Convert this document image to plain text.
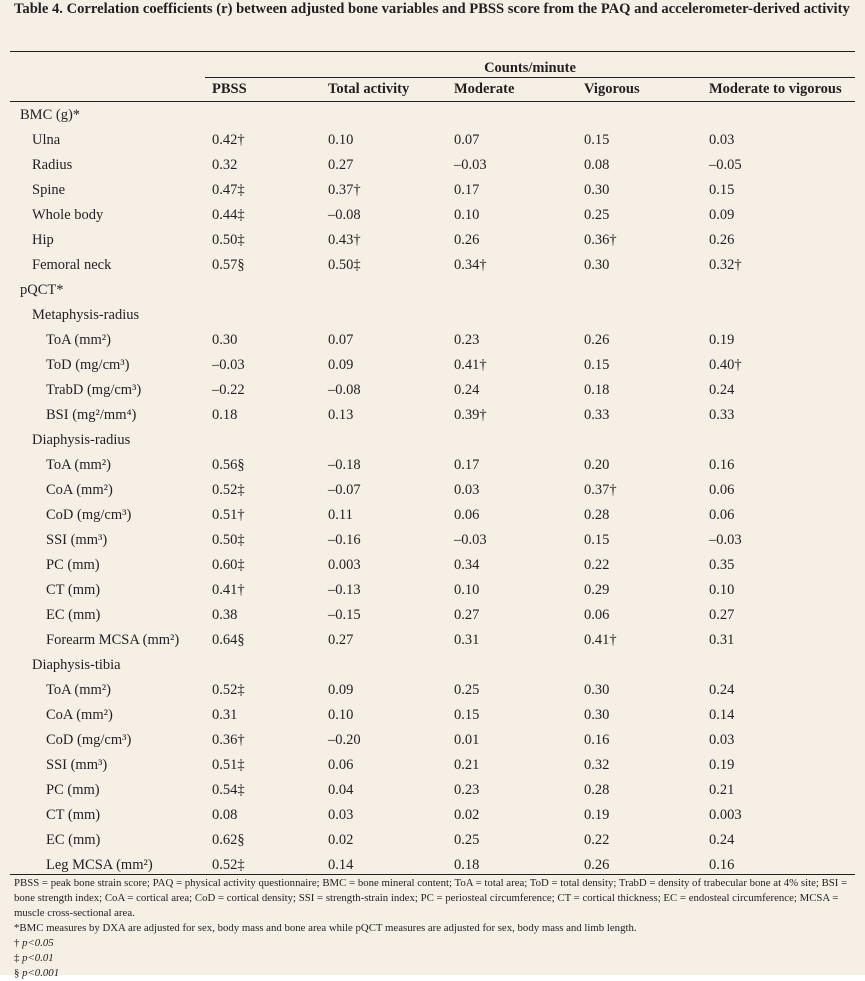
Table 4. Correlation coefficients (r) between adjusted bone variables and PBSS score from the PAQ and accelerometer-derived activity
Counts/minute
PBSS	Total activity	Moderate	Vigorous	Moderate to vigorous
BMC (g)*
Ulna	0.42†	0.10	0.07	0.15	0.03
Radius	0.32	0.27	–0.03	0.08	–0.05
Spine	0.47‡	0.37†	0.17	0.30	0.15
Whole body	0.44‡	–0.08	0.10	0.25	0.09
Hip	0.50‡	0.43†	0.26	0.36†	0.26
Femoral neck	0.57§	0.50‡	0.34†	0.30	0.32†
pQCT*
Metaphysis-radius
ToA (mm²)	0.30	0.07	0.23	0.26	0.19
ToD (mg/cm³)	–0.03	0.09	0.41†	0.15	0.40†
TrabD (mg/cm³)	–0.22	–0.08	0.24	0.18	0.24
BSI (mg²/mm⁴)	0.18	0.13	0.39†	0.33	0.33
Diaphysis-radius
ToA (mm²)	0.56§	–0.18	0.17	0.20	0.16
CoA (mm²)	0.52‡	–0.07	0.03	0.37†	0.06
CoD (mg/cm³)	0.51†	0.11	0.06	0.28	0.06
SSI (mm³)	0.50‡	–0.16	–0.03	0.15	–0.03
PC (mm)	0.60‡	0.003	0.34	0.22	0.35
CT (mm)	0.41†	–0.13	0.10	0.29	0.10
EC (mm)	0.38	–0.15	0.27	0.06	0.27
Forearm MCSA (mm²) 0.64§	0.27	0.31	0.41†	0.31
Diaphysis-tibia
ToA (mm²)	0.52‡	0.09	0.25	0.30	0.24
CoA (mm²)	0.31	0.10	0.15	0.30	0.14
CoD (mg/cm³)	0.36†	–0.20	0.01	0.16	0.03
SSI (mm³)	0.51‡	0.06	0.21	0.32	0.19
PC (mm)	0.54‡	0.04	0.23	0.28	0.21
CT (mm)	0.08	0.03	0.02	0.19	0.003
EC (mm)	0.62§	0.02	0.25	0.22	0.24
Leg MCSA (mm²)	0.52‡	0.14	0.18	0.26	0.16

PBSS = peak bone strain score; PAQ = physical activity questionnaire; BMC = bone mineral content; ToA = total area; ToD = total density; TrabD = density of trabecular bone at 4% site; BSI = bone strength index; CoA = cortical area; CoD = cortical density; SSI = strength-strain index; PC = periosteal circumference; CT = cortical thickness; EC = endosteal circumference; MCSA = muscle cross-sectional area.

*BMC measures by DXA are adjusted for sex, body mass and bone area while pQCT measures are adjusted for sex, body mass and limb length.

† p<0.05

‡ p<0.01

§ p<0.001
